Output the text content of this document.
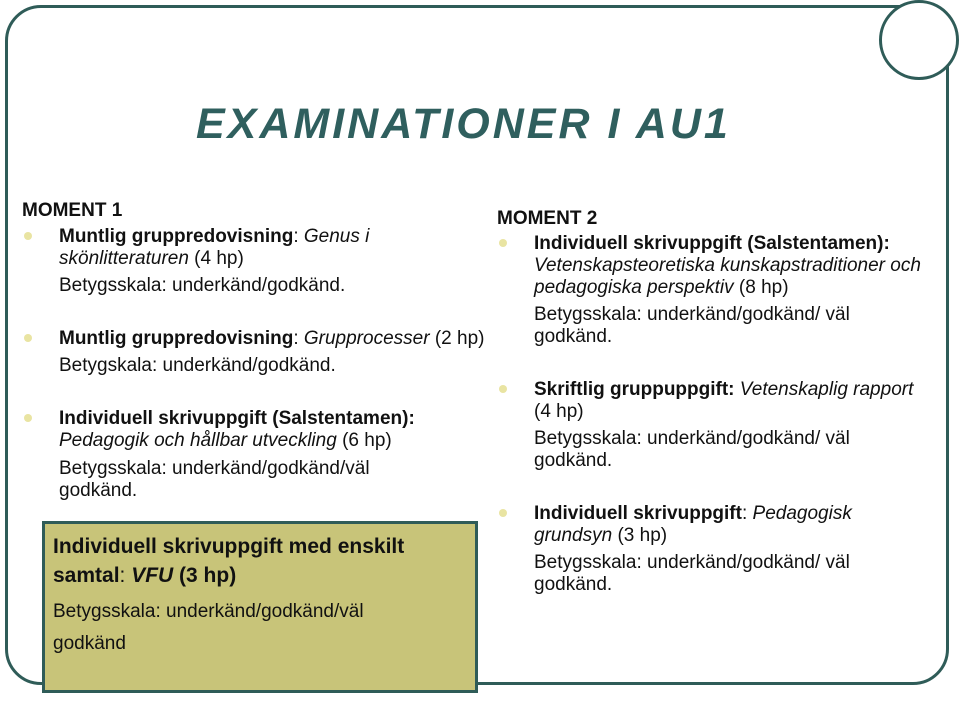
EXAMINATIONER I AU1
MOMENT 1
Muntlig gruppredovisning: Genus i skönlitteraturen (4 hp)
Betygsskala: underkänd/godkänd.
Muntlig gruppredovisning: Grupprocesser (2 hp)
Betygskala: underkänd/godkänd.
Individuell skrivuppgift (Salstentamen):
Pedagogik och hållbar utveckling (6 hp)
Betygsskala: underkänd/godkänd/väl godkänd.
Individuell skrivuppgift med enskilt samtal: VFU (3 hp)
Betygsskala: underkänd/godkänd/väl godkänd
MOMENT 2
Individuell skrivuppgift (Salstentamen):
Vetenskapsteoretiska kunskapstraditioner och pedagogiska perspektiv (8 hp)
Betygsskala: underkänd/godkänd/ väl godkänd.
Skriftlig gruppuppgift: Vetenskaplig rapport (4 hp)
Betygsskala: underkänd/godkänd/ väl godkänd.
Individuell skrivuppgift: Pedagogisk grundsyn (3 hp)
Betygsskala: underkänd/godkänd/ väl godkänd.
